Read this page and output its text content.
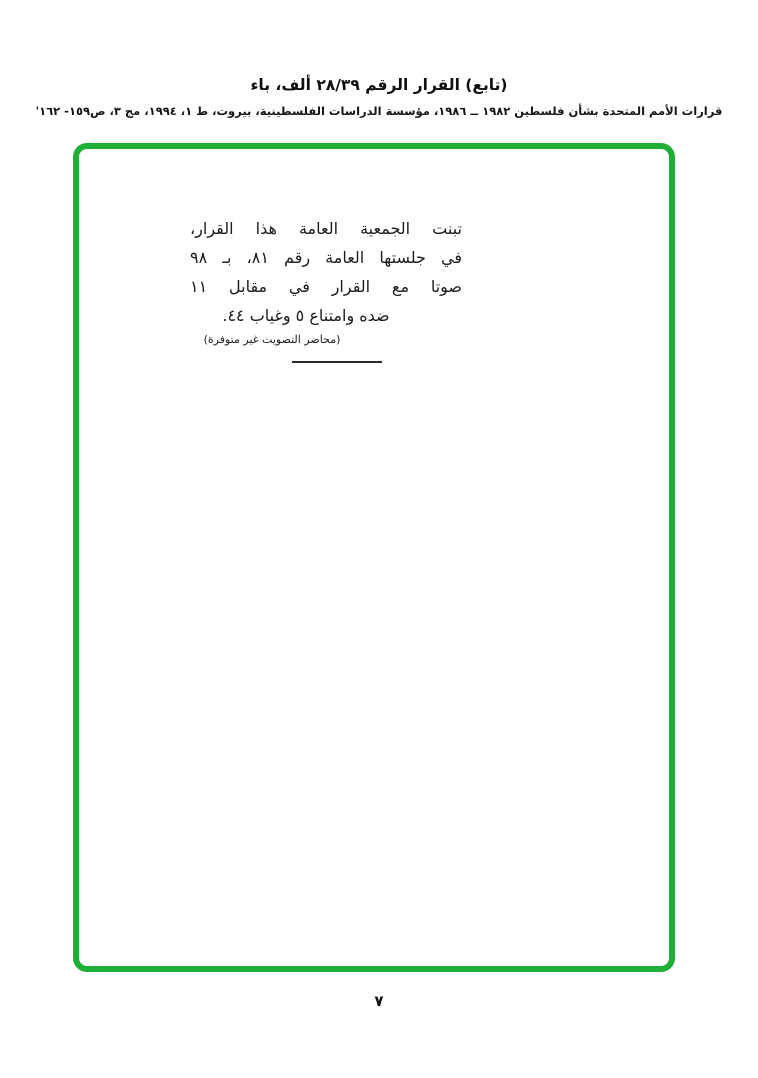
(تابع) القرار الرقم ٢٨/٣٩ ألف، باء
قرارات الأمم المتحدة بشأن فلسطين ١٩٨٢ ــ ١٩٨٦، مؤسسة الدراسات الفلسطينية، بيروت، ط ١، ١٩٩٤، مج ٣، ص١٥٩- ١٦٢'
تبنت الجمعية العامة هذا القرار،
في جلستها العامة رقم ٨١، بـ ٩٨
صوتا مع القرار في مقابل ١١
ضده وامتناع ٥ وغياب ٤٤.
(محاضر التصويت غير متوفرة)
٧
